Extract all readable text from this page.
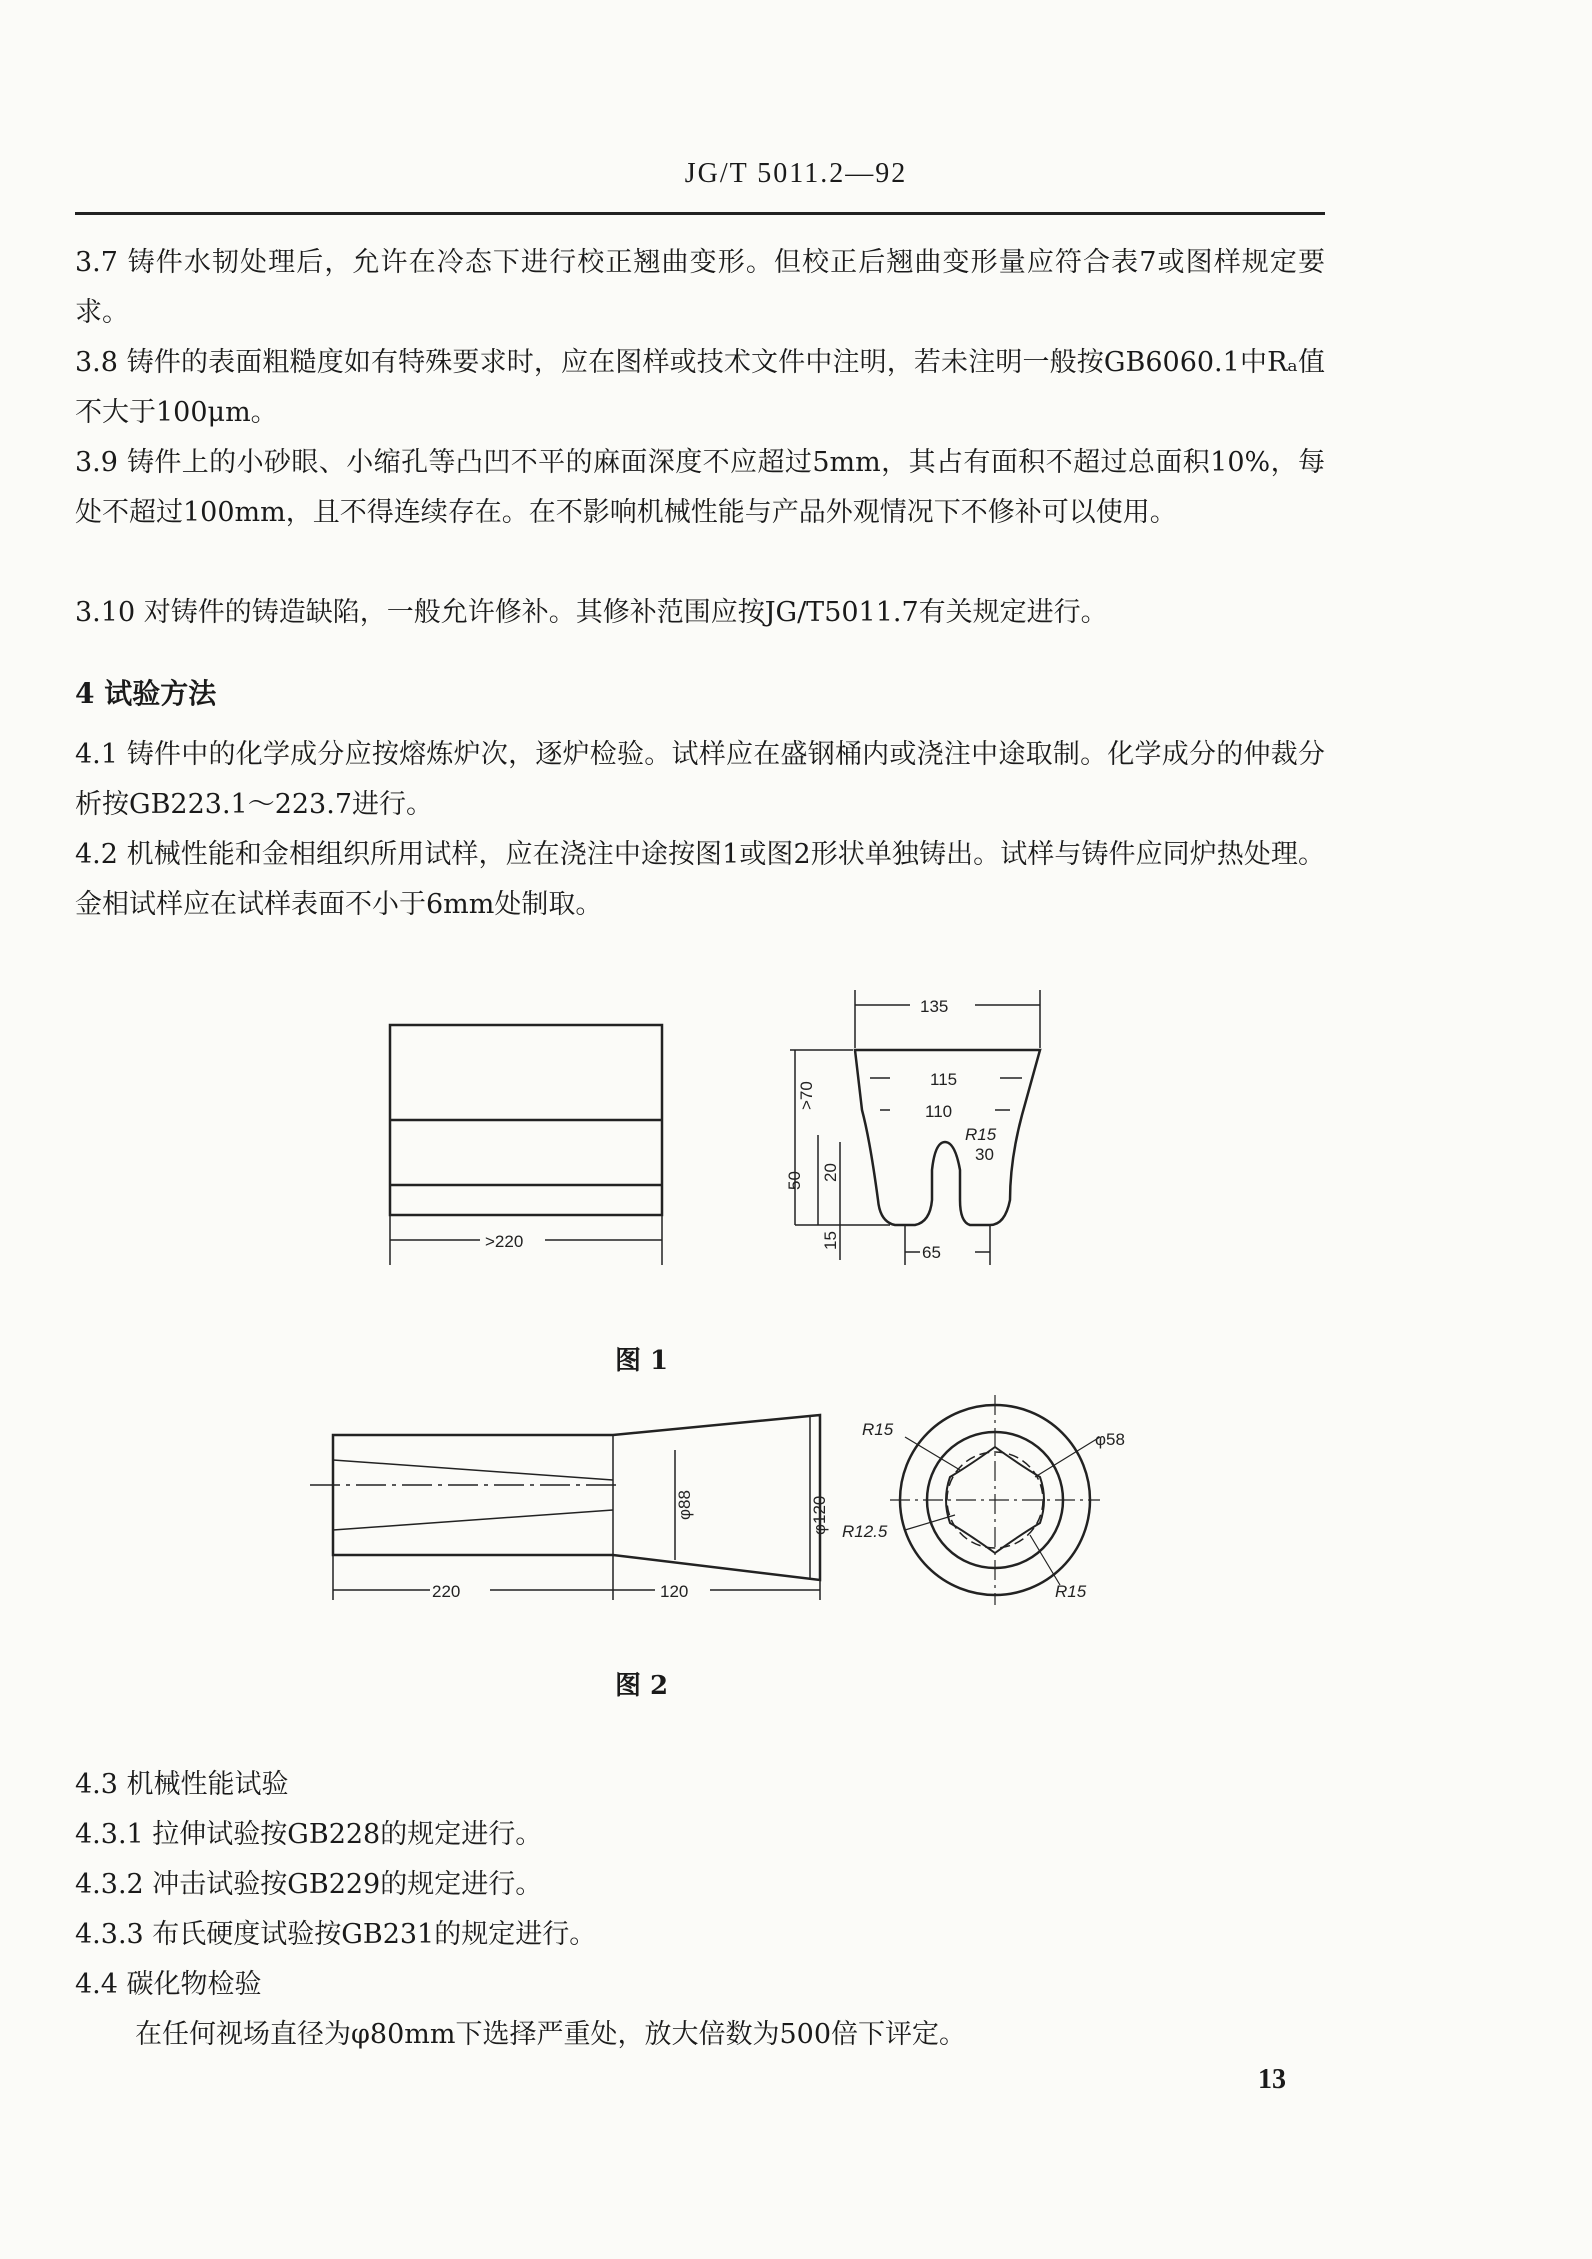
JG/T 5011.2—92

3.7 铸件水韧处理后，允许在冷态下进行校正翘曲变形。但校正后翘曲变形量应符合表7或图样规定要求。

3.8 铸件的表面粗糙度如有特殊要求时，应在图样或技术文件中注明，若未注明一般按GB6060.1中Rₐ值不大于100μm。

3.9 铸件上的小砂眼、小缩孔等凸凹不平的麻面深度不应超过5mm，其占有面积不超过总面积10%，每处不超过100mm，且不得连续存在。在不影响机械性能与产品外观情况下不修补可以使用。

3.10 对铸件的铸造缺陷，一般允许修补。其修补范围应按JG/T5011.7有关规定进行。

4 试验方法

4.1 铸件中的化学成分应按熔炼炉次，逐炉检验。试样应在盛钢桶内或浇注中途取制。化学成分的仲裁分析按GB223.1～223.7进行。

4.2 机械性能和金相组织所用试样，应在浇注中途按图1或图2形状单独铸出。试样与铸件应同炉热处理。金相试样应在试样表面不小于6mm处制取。

>220
135
115
110
R15
30
65
>70
50 20
15
图 1
220	120
φ88	φ120
R15
φ58
R12.5
R15
图 2
4.3 机械性能试验
4.3.1 拉伸试验按GB228的规定进行。
4.3.2 冲击试验按GB229的规定进行。
4.3.3 布氏硬度试验按GB231的规定进行。
4.4 碳化物检验
在任何视场直径为φ80mm下选择严重处，放大倍数为500倍下评定。
13
